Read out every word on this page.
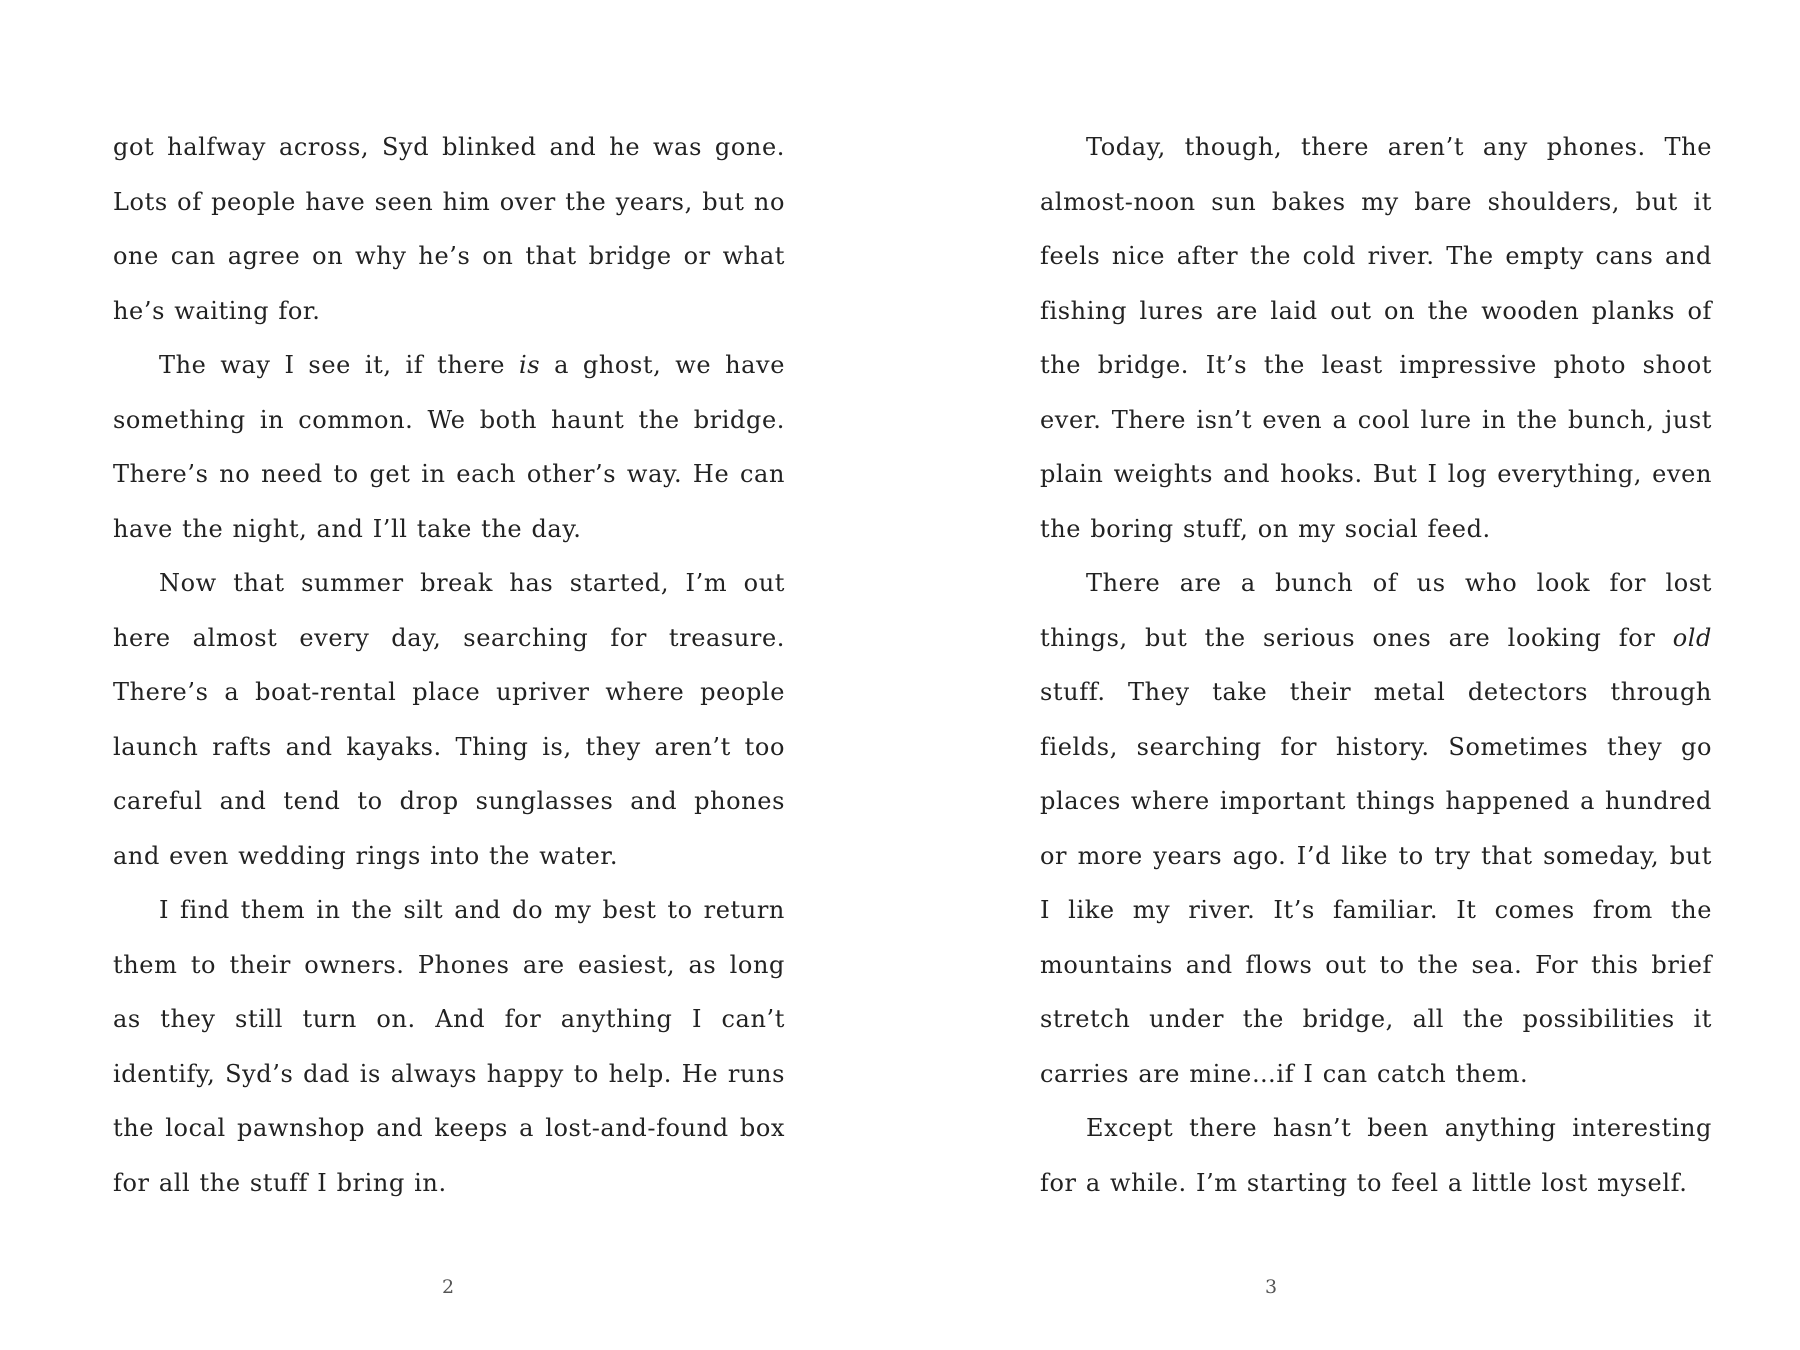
got halfway across, Syd blinked and he was gone. Lots of people have seen him over the years, but no one can agree on why he’s on that bridge or what he’s waiting for.

The way I see it, if there is a ghost, we have something in common. We both haunt the bridge. There’s no need to get in each other’s way. He can have the night, and I’ll take the day.

Now that summer break has started, I’m out here almost every day, searching for treasure. There’s a boat-rental place upriver where people launch rafts and kayaks. Thing is, they aren’t too careful and tend to drop sunglasses and phones and even wedding rings into the water.

I find them in the silt and do my best to return them to their owners. Phones are easiest, as long as they still turn on. And for anything I can’t identify, Syd’s dad is always happy to help. He runs the local pawnshop and keeps a lost-and-found box for all the stuff I bring in.

2

Today, though, there aren’t any phones. The almost-noon sun bakes my bare shoulders, but it feels nice after the cold river. The empty cans and fishing lures are laid out on the wooden planks of the bridge. It’s the least impressive photo shoot ever. There isn’t even a cool lure in the bunch, just plain weights and hooks. But I log everything, even the boring stuff, on my social feed.

There are a bunch of us who look for lost things, but the serious ones are looking for old stuff. They take their metal detectors through fields, searching for history. Sometimes they go places where important things happened a hundred or more years ago. I’d like to try that someday, but I like my river. It’s familiar. It comes from the mountains and flows out to the sea. For this brief stretch under the bridge, all the possibilities it carries are mine…if I can catch them.

Except there hasn’t been anything interesting for a while. I’m starting to feel a little lost myself.

3
